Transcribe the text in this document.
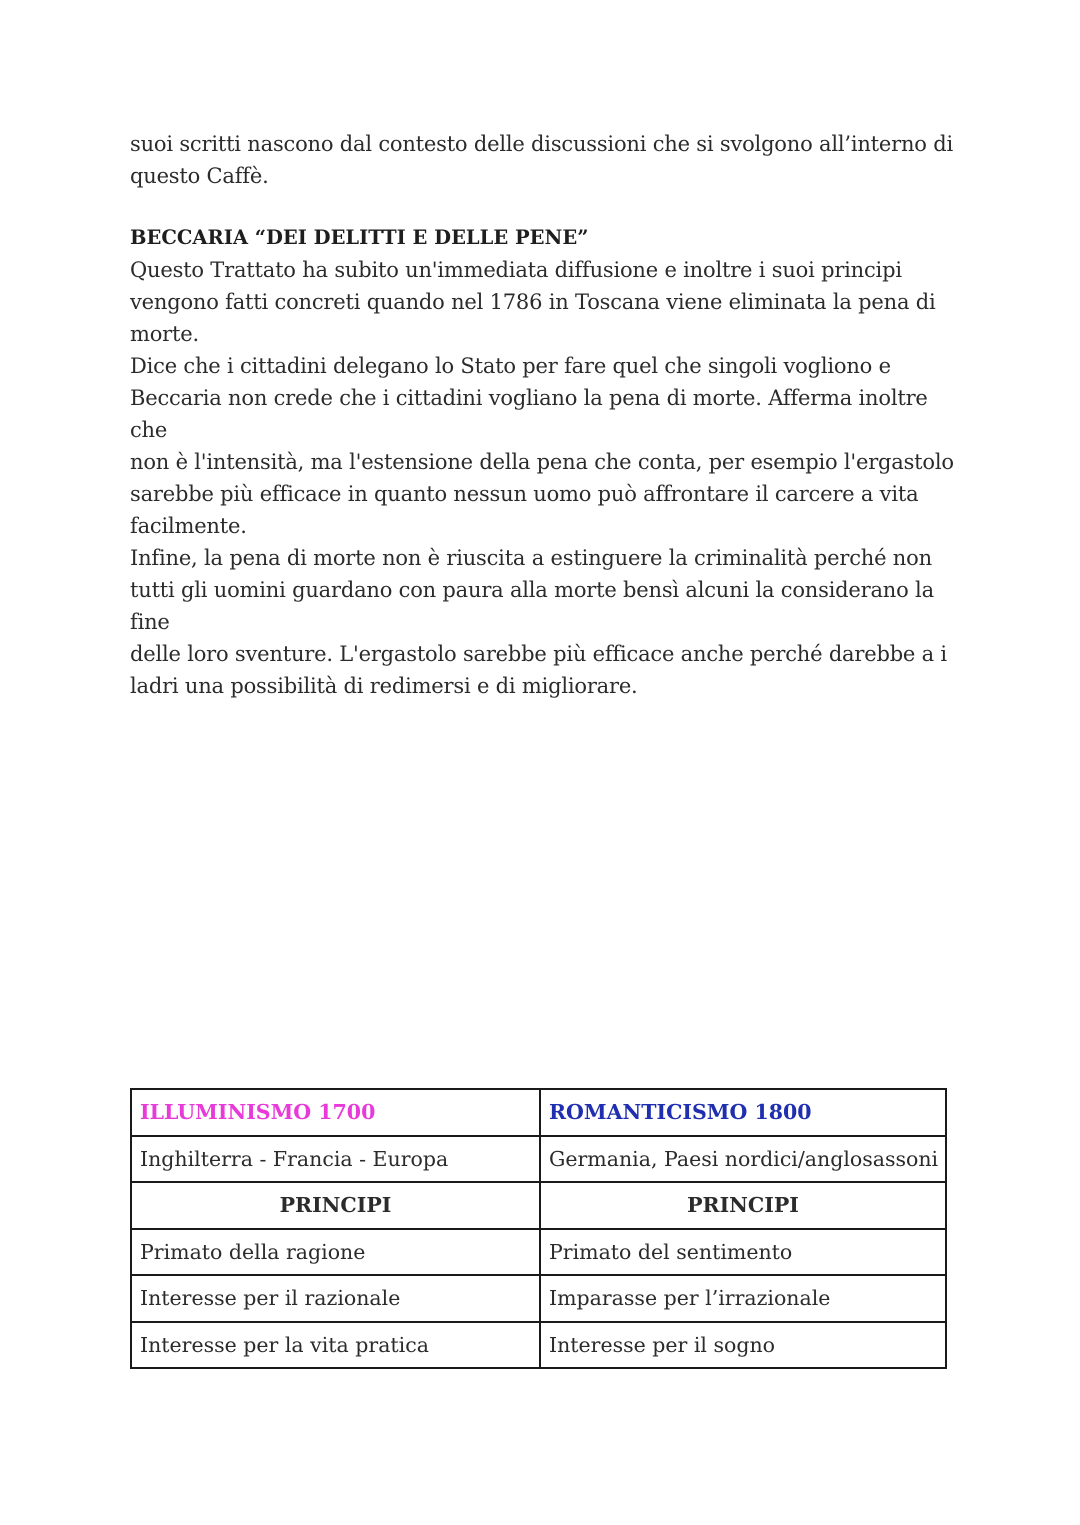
suoi scritti nascono dal contesto delle discussioni che si svolgono all’interno di
questo Caffè.

BECCARIA “DEI DELITTI E DELLE PENE”

Questo Trattato ha subito un'immediata diffusione e inoltre i suoi principi
vengono fatti concreti quando nel 1786 in Toscana viene eliminata la pena di
morte.

Dice che i cittadini delegano lo Stato per fare quel che singoli vogliono e
Beccaria non crede che i cittadini vogliano la pena di morte. Afferma inoltre che
non è l'intensità, ma l'estensione della pena che conta, per esempio l'ergastolo
sarebbe più efficace in quanto nessun uomo può affrontare il carcere a vita
facilmente.

Infine, la pena di morte non è riuscita a estinguere la criminalità perché non
tutti gli uomini guardano con paura alla morte bensì alcuni la considerano la fine
delle loro sventure. L'ergastolo sarebbe più efficace anche perché darebbe a i
ladri una possibilità di redimersi e di migliorare.

ILLUMINISMO 1700	ROMANTICISMO 1800
Inghilterra - Francia - Europa	Germania, Paesi nordici/anglosassoni
PRINCIPI	PRINCIPI
Primato della ragione	Primato del sentimento
Interesse per il razionale	Imparasse per l’irrazionale
Interesse per la vita pratica	Interesse per il sogno
